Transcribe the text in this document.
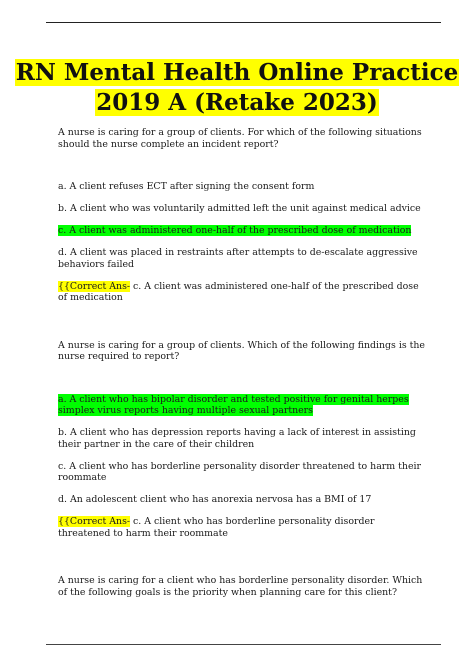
RN Mental Health Online Practice
2019 A (Retake 2023)

A nurse is caring for a group of clients. For which of the following situations should the nurse complete an incident report?

a. A client refuses ECT after signing the consent form

b. A client who was voluntarily admitted left the unit against medical advice

c. A client was administered one-half of the prescribed dose of medication

d. A client was placed in restraints after attempts to de-escalate aggressive behaviors failed

{{Correct Ans- c. A client was administered one-half of the prescribed dose of medication

A nurse is caring for a group of clients. Which of the following findings is the nurse required to report?

a. A client who has bipolar disorder and tested positive for genital herpes simplex virus reports having multiple sexual partners

b. A client who has depression reports having a lack of interest in assisting their partner in the care of their children

c. A client who has borderline personality disorder threatened to harm their roommate

d. An adolescent client who has anorexia nervosa has a BMI of 17

{{Correct Ans- c. A client who has borderline personality disorder threatened to harm their roommate

A nurse is caring for a client who has borderline personality disorder. Which of the following goals is the priority when planning care for this client?
